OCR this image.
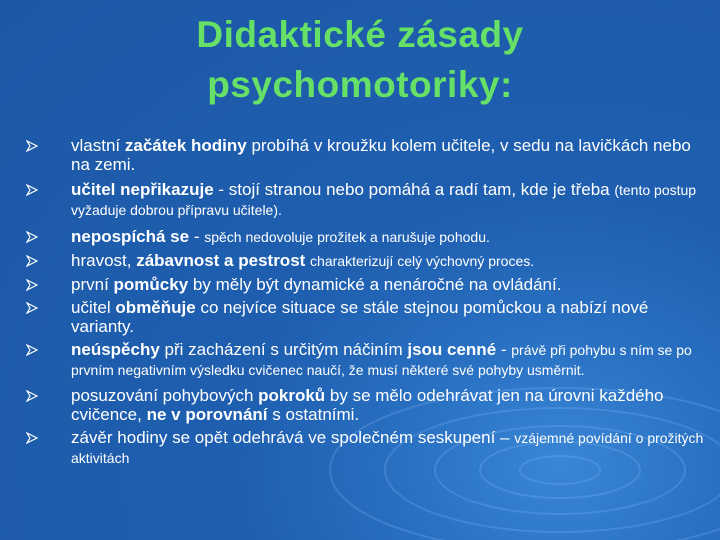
Didaktické zásady
psychomotoriky:
vlastní začátek hodiny probíhá v kroužku kolem učitele, v sedu na lavičkách nebo na zemi.
učitel nepřikazuje - stojí stranou nebo pomáhá a radí tam, kde je třeba (tento postup vyžaduje dobrou přípravu učitele).
nepospíchá se - spěch nedovoluje prožitek a narušuje pohodu.
hravost, zábavnost a pestrost charakterizují celý výchovný proces.
první pomůcky by měly být dynamické a nenáročné na ovládání.
učitel obměňuje co nejvíce situace se stále stejnou pomůckou a nabízí nové varianty.
neúspěchy při zacházení s určitým náčiním jsou cenné - právě při pohybu s ním se po prvním negativním výsledku cvičenec naučí, že musí některé své pohyby usměrnit.
posuzování pohybových pokroků by se mělo odehrávat jen na úrovni každého cvičence, ne v porovnání s ostatními.
závěr hodiny se opět odehrává ve společném seskupení – vzájemné povídání o prožitých aktivitách
